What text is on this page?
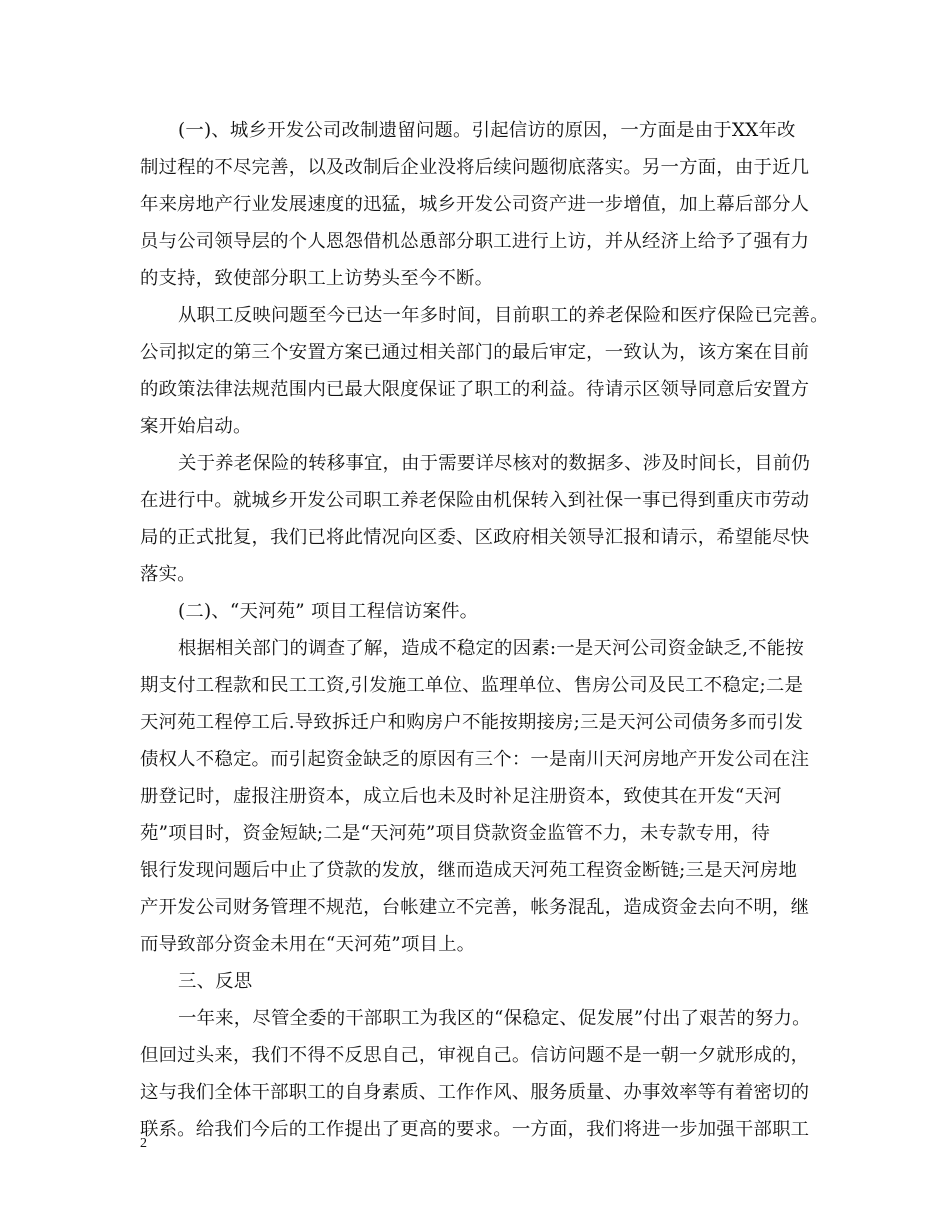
(一)、城乡开发公司改制遗留问题。引起信访的原因，一方面是由于XX年改
制过程的不尽完善，以及改制后企业没将后续问题彻底落实。另一方面，由于近几
年来房地产行业发展速度的迅猛，城乡开发公司资产进一步增值，加上幕后部分人
员与公司领导层的个人恩怨借机怂恿部分职工进行上访，并从经济上给予了强有力
的支持，致使部分职工上访势头至今不断。
从职工反映问题至今已达一年多时间，目前职工的养老保险和医疗保险已完善。
公司拟定的第三个安置方案已通过相关部门的最后审定，一致认为，该方案在目前
的政策法律法规范围内已最大限度保证了职工的利益。待请示区领导同意后安置方
案开始启动。
关于养老保险的转移事宜，由于需要详尽核对的数据多、涉及时间长，目前仍
在进行中。就城乡开发公司职工养老保险由机保转入到社保一事已得到重庆市劳动
局的正式批复，我们已将此情况向区委、区政府相关领导汇报和请示，希望能尽快
落实。
(二)、“天河苑” 项目工程信访案件。
根据相关部门的调查了解，造成不稳定的因素:一是天河公司资金缺乏,不能按
期支付工程款和民工工资,引发施工单位、监理单位、售房公司及民工不稳定;二是
天河苑工程停工后.导致拆迁户和购房户不能按期接房;三是天河公司债务多而引发
债权人不稳定。而引起资金缺乏的原因有三个：一是南川天河房地产开发公司在注
册登记时，虚报注册资本，成立后也未及时补足注册资本，致使其在开发“天河
苑”项目时，资金短缺;二是“天河苑”项目贷款资金监管不力，未专款专用，待
银行发现问题后中止了贷款的发放，继而造成天河苑工程资金断链;三是天河房地
产开发公司财务管理不规范，台帐建立不完善，帐务混乱，造成资金去向不明，继
而导致部分资金未用在“天河苑”项目上。
三、反思
一年来，尽管全委的干部职工为我区的“保稳定、促发展”付出了艰苦的努力。
但回过头来，我们不得不反思自己，审视自己。信访问题不是一朝一夕就形成的，
这与我们全体干部职工的自身素质、工作作风、服务质量、办事效率等有着密切的
联系。给我们今后的工作提出了更高的要求。一方面，我们将进一步加强干部职工
2
